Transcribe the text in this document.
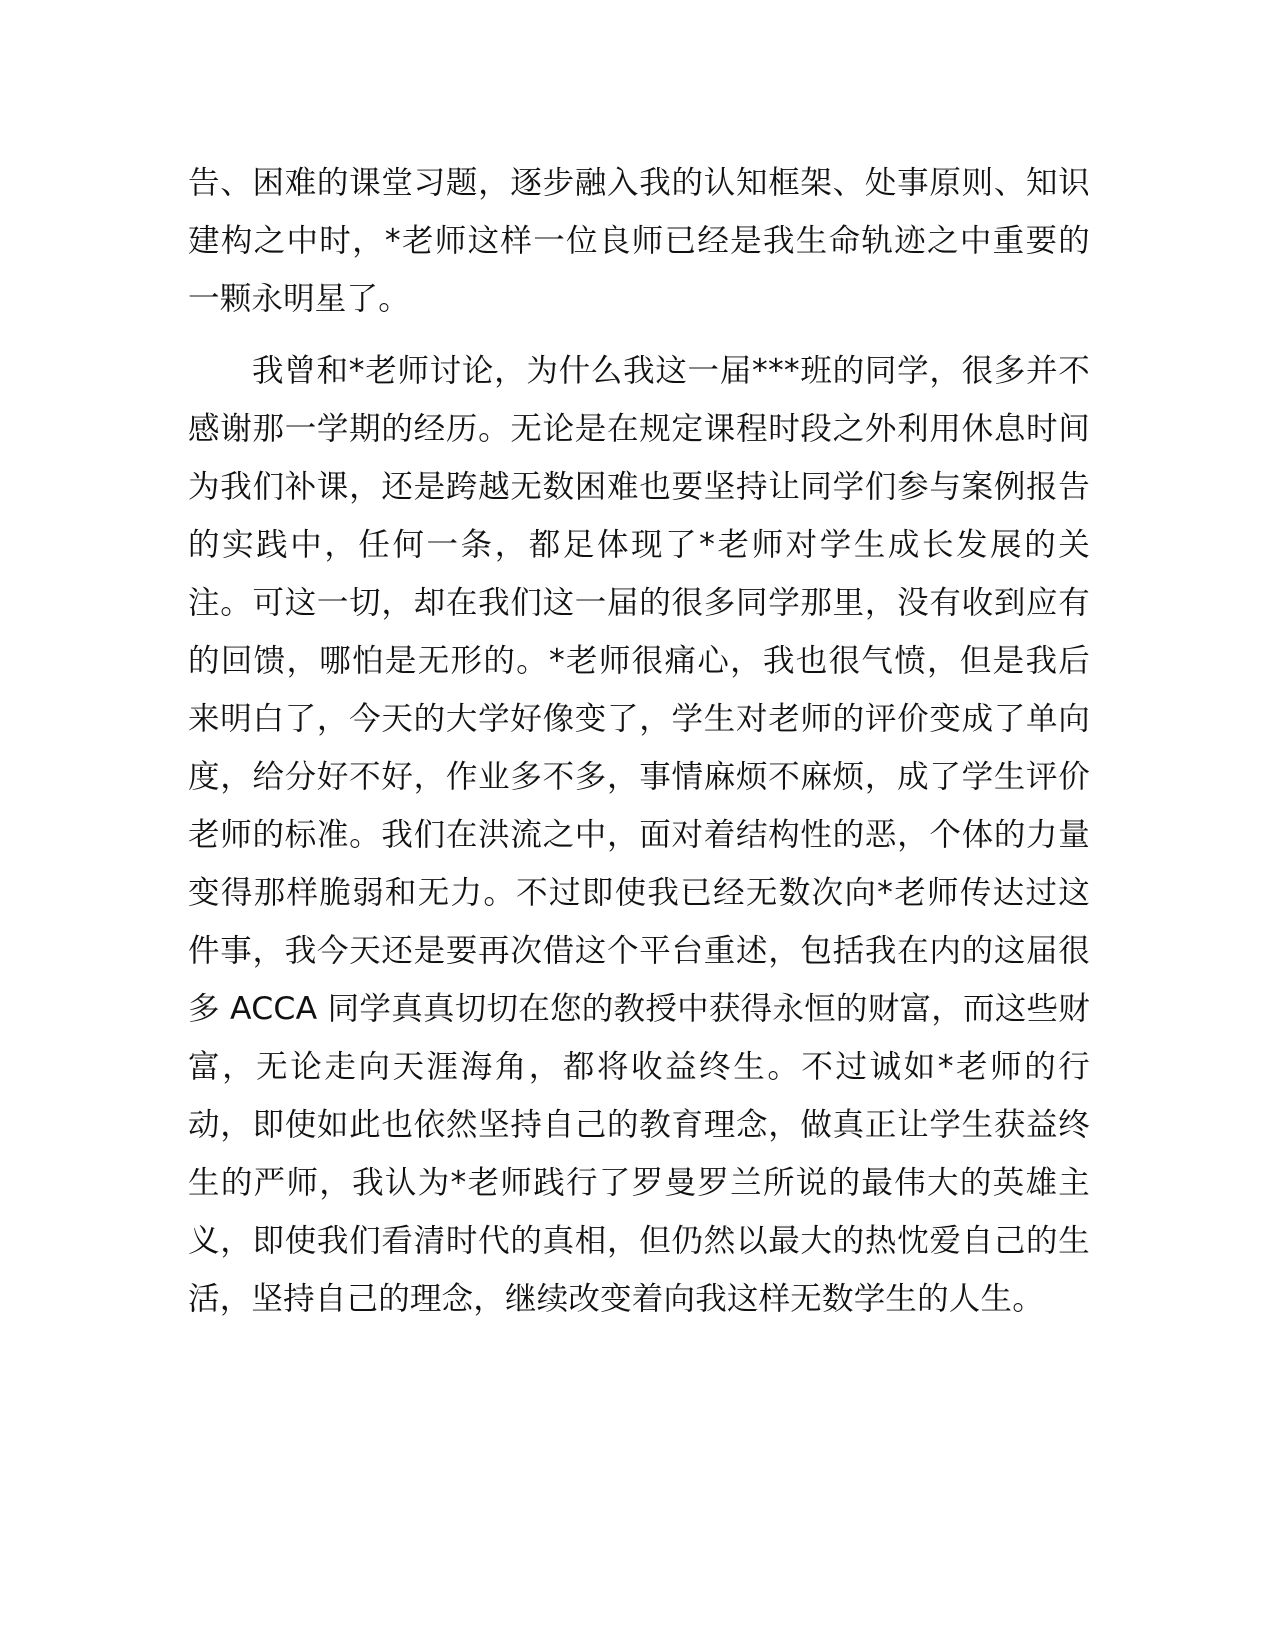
告、困难的课堂习题，逐步融入我的认知框架、处事原则、知识建构之中时，*老师这样一位良师已经是我生命轨迹之中重要的一颗永明星了。

我曾和*老师讨论，为什么我这一届***班的同学，很多并不感谢那一学期的经历。无论是在规定课程时段之外利用休息时间为我们补课，还是跨越无数困难也要坚持让同学们参与案例报告的实践中，任何一条，都足体现了*老师对学生成长发展的关注。可这一切，却在我们这一届的很多同学那里，没有收到应有的回馈，哪怕是无形的。*老师很痛心，我也很气愤，但是我后来明白了，今天的大学好像变了，学生对老师的评价变成了单向度，给分好不好，作业多不多，事情麻烦不麻烦，成了学生评价老师的标准。我们在洪流之中，面对着结构性的恶，个体的力量变得那样脆弱和无力。不过即使我已经无数次向*老师传达过这件事，我今天还是要再次借这个平台重述，包括我在内的这届很多 ACCA 同学真真切切在您的教授中获得永恒的财富，而这些财富，无论走向天涯海角，都将收益终生。不过诚如*老师的行动，即使如此也依然坚持自己的教育理念，做真正让学生获益终生的严师，我认为*老师践行了罗曼罗兰所说的最伟大的英雄主义，即使我们看清时代的真相，但仍然以最大的热忱爱自己的生活，坚持自己的理念，继续改变着向我这样无数学生的人生。
